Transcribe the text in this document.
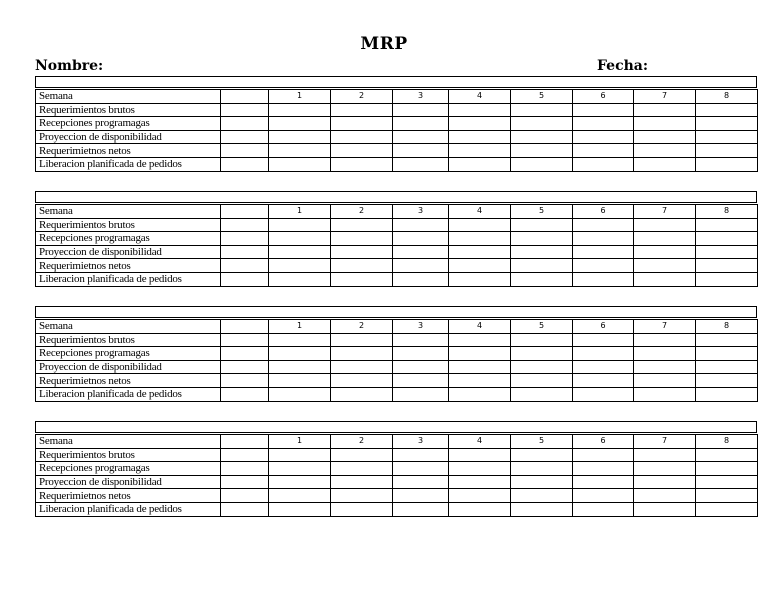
MRP
Nombre:	Fecha:
Semana		1	2	3	4	5	6	7	8
Requerimientos brutos									
Recepciones programagas									
Proyeccion de disponibilidad									
Requerimietnos netos									
Liberacion planificada de pedidos									
Semana		1	2	3	4	5	6	7	8
Requerimientos brutos									
Recepciones programagas									
Proyeccion de disponibilidad									
Requerimietnos netos									
Liberacion planificada de pedidos									
Semana		1	2	3	4	5	6	7	8
Requerimientos brutos									
Recepciones programagas									
Proyeccion de disponibilidad									
Requerimietnos netos									
Liberacion planificada de pedidos									
Semana		1	2	3	4	5	6	7	8
Requerimientos brutos									
Recepciones programagas									
Proyeccion de disponibilidad									
Requerimietnos netos									
Liberacion planificada de pedidos									
